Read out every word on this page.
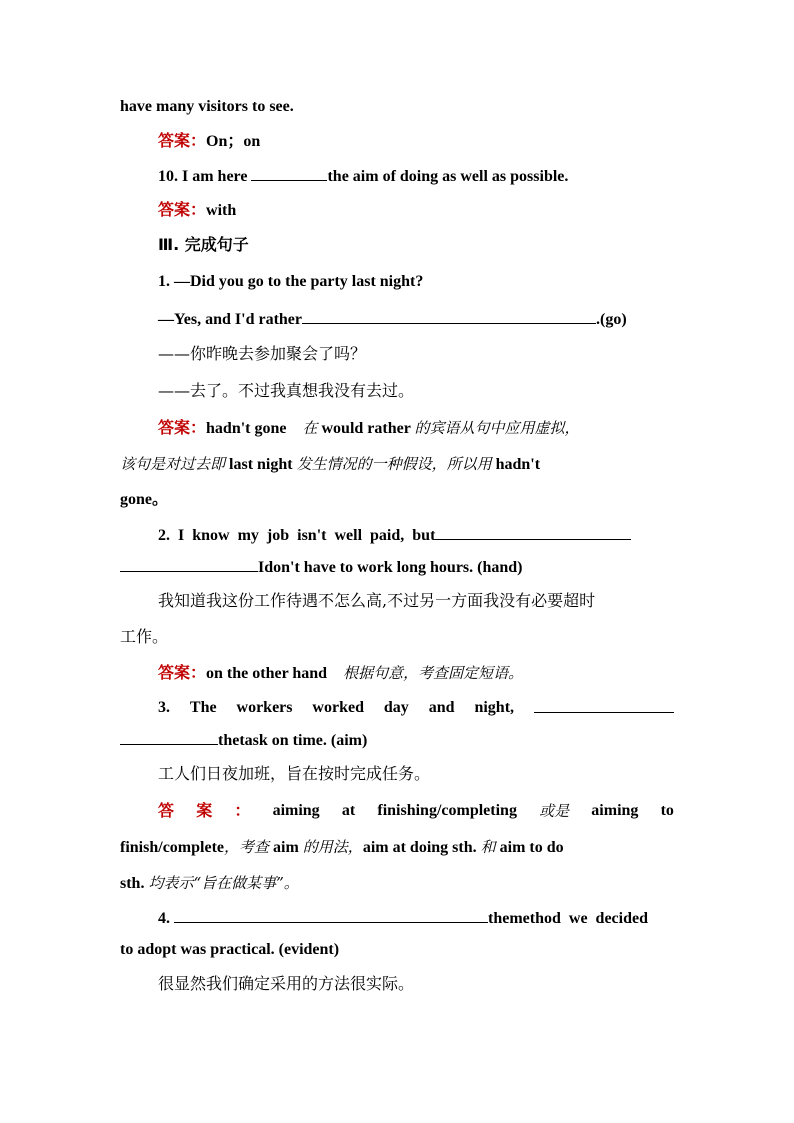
have many visitors to see.
答案：On；on
10. I am here	the aim of doing as well as possible.
答案：with
Ⅲ. 完成句子
1. —Did you go to the party last night?
—Yes, and I'd rather	.(go)
——你昨晚去参加聚会了吗？
——去了。不过我真想我没有去过。
答案：hadn't gone 在 would rather 的宾语从句中应用虚拟，
该句是对过去即 last night 发生情况的一种假设，所以用 hadn't
gone。
2.  I  know  my  job  isn't  well  paid,  but
Idon't have to work long hours. (hand)
我知道我这份工作待遇不怎么高,不过另一方面我没有必要超时
工作。
答案：on the other hand 根据句意，考查固定短语。
3. The workers worked day and night,
thetask on time. (aim)
工人们日夜加班，旨在按时完成任务。
答 案 ： aiming at finishing/completing 或是 aiming to
finish/complete，考查 aim 的用法，aim at doing sth. 和 aim to do
sth. 均表示“旨在做某事”。
4.	themethod  we  decided
to adopt was practical. (evident)
很显然我们确定采用的方法很实际。
